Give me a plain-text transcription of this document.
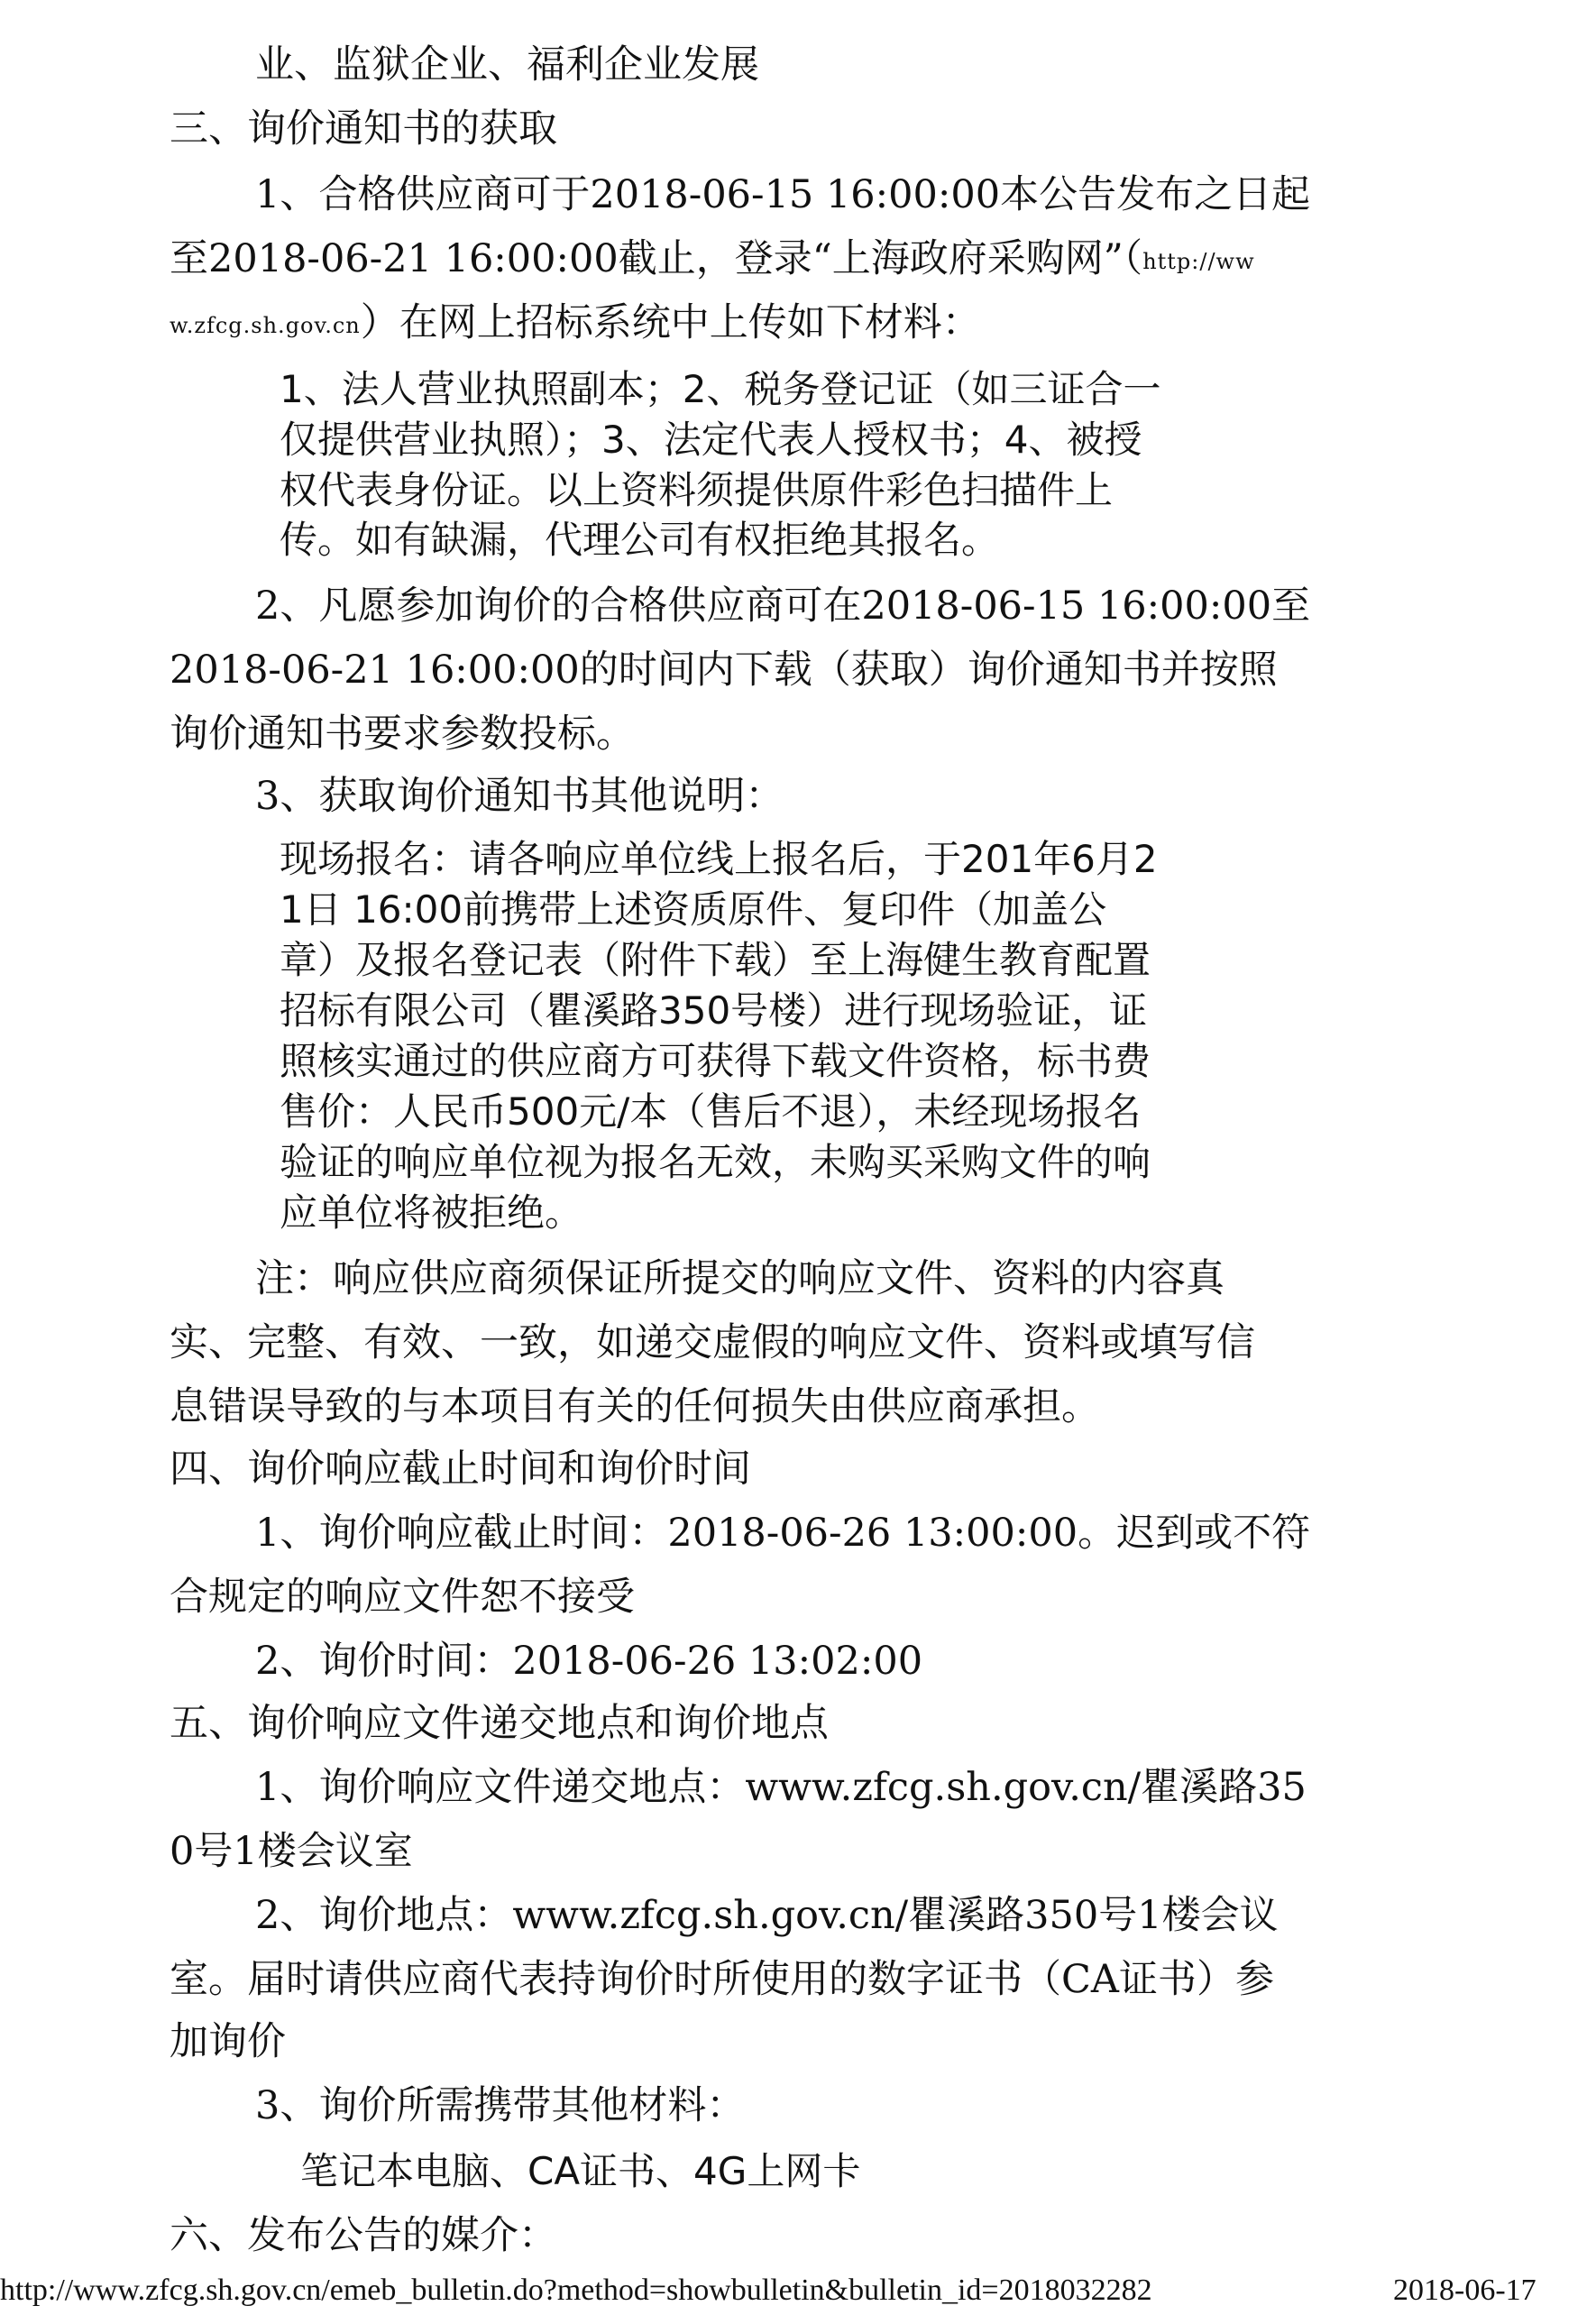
业、监狱企业、福利企业发展

三、询价通知书的获取

1、合格供应商可于2018-06-15 16:00:00本公告发布之日起

至2018-06-21 16:00:00截止，登录“上海政府采购网”（http://ww

w.zfcg.sh.gov.cn）在网上招标系统中上传如下材料：

1、法人营业执照副本；2、税务登记证（如三证合一

仅提供营业执照）；3、法定代表人授权书；4、被授

权代表身份证。以上资料须提供原件彩色扫描件上

传。如有缺漏，代理公司有权拒绝其报名。

2、凡愿参加询价的合格供应商可在2018-06-15 16:00:00至

2018-06-21 16:00:00的时间内下载（获取）询价通知书并按照

询价通知书要求参数投标。

3、获取询价通知书其他说明：

现场报名：请各响应单位线上报名后，于201年6月2

1日 16:00前携带上述资质原件、复印件（加盖公

章）及报名登记表（附件下载）至上海健生教育配置

招标有限公司（瞿溪路350号楼）进行现场验证，证

照核实通过的供应商方可获得下载文件资格，标书费

售价：人民币500元/本（售后不退），未经现场报名

验证的响应单位视为报名无效，未购买采购文件的响

应单位将被拒绝。

注：响应供应商须保证所提交的响应文件、资料的内容真

实、完整、有效、一致，如递交虚假的响应文件、资料或填写信

息错误导致的与本项目有关的任何损失由供应商承担。

四、询价响应截止时间和询价时间

1、询价响应截止时间：2018-06-26 13:00:00。迟到或不符

合规定的响应文件恕不接受

2、询价时间：2018-06-26 13:02:00

五、询价响应文件递交地点和询价地点

1、询价响应文件递交地点：www.zfcg.sh.gov.cn/瞿溪路35

0号1楼会议室

2、询价地点：www.zfcg.sh.gov.cn/瞿溪路350号1楼会议

室。届时请供应商代表持询价时所使用的数字证书（CA证书）参

加询价

3、询价所需携带其他材料：

笔记本电脑、CA证书、4G上网卡

六、发布公告的媒介：

http://www.zfcg.sh.gov.cn/emeb_bulletin.do?method=showbulletin&bulletin_id=2018032282	2018-06-17
